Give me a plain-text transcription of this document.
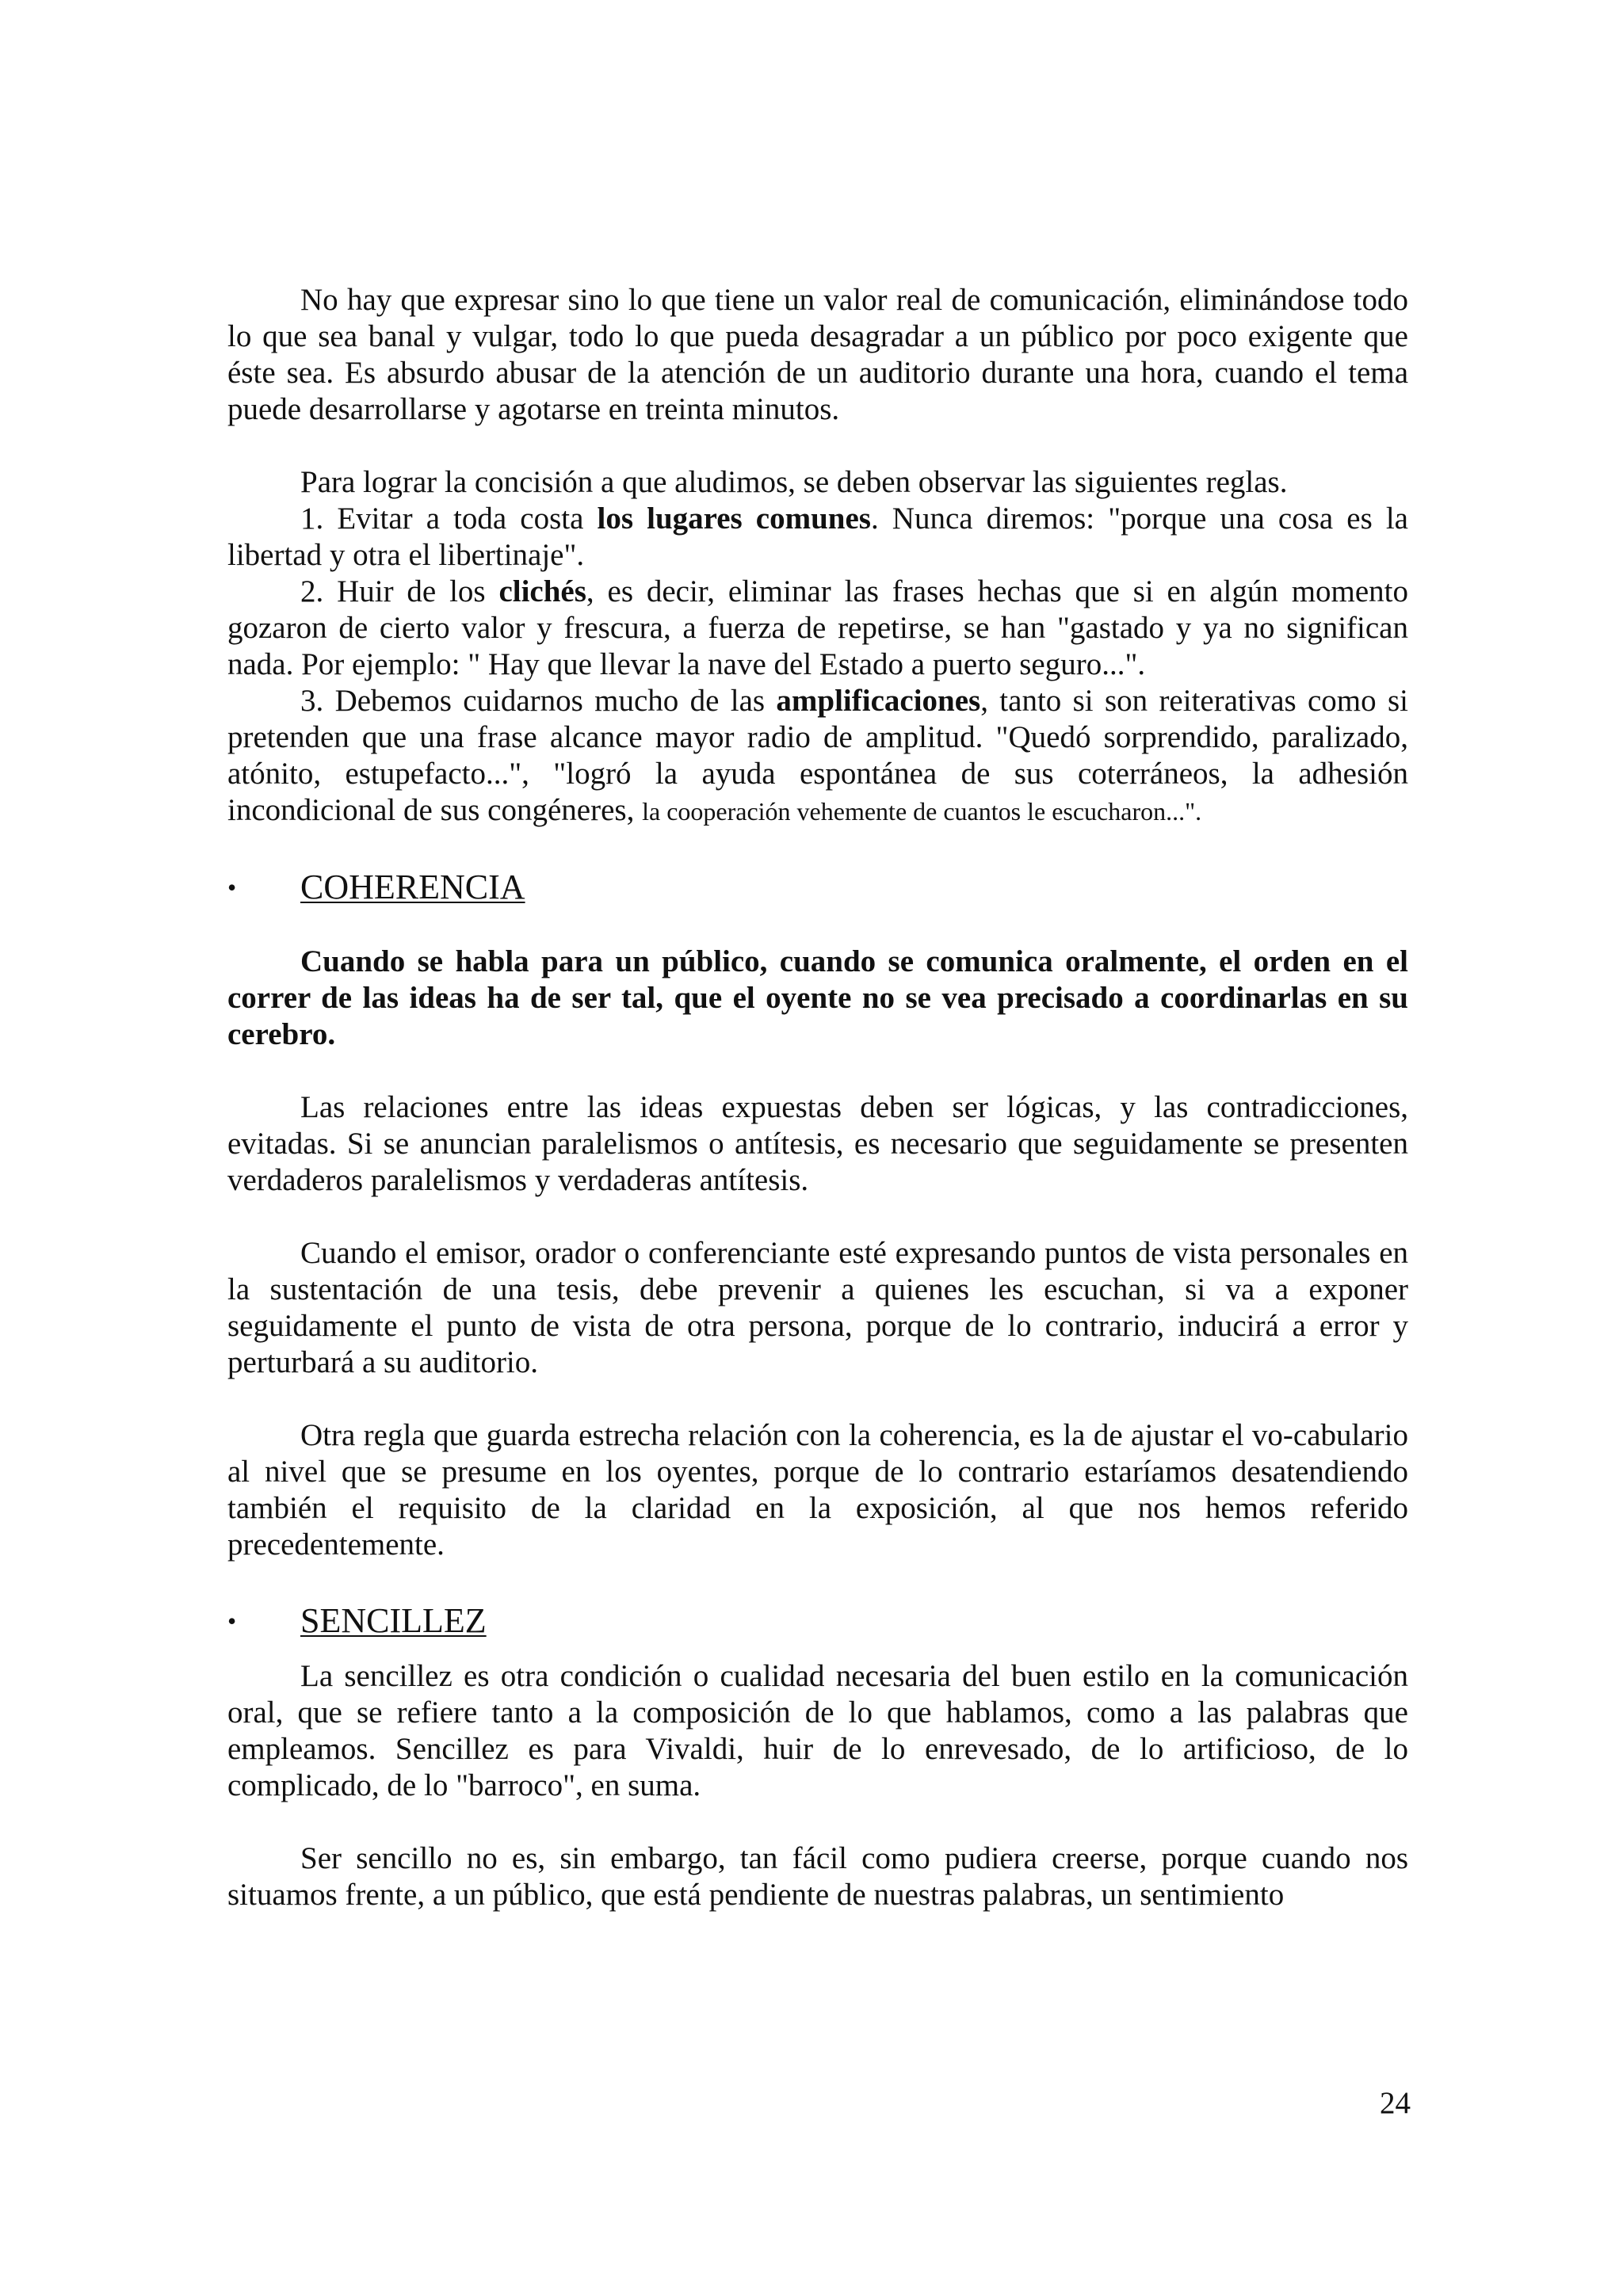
No hay que expresar sino lo que tiene un valor real de comunicación, eliminándose todo lo que sea banal y vulgar, todo lo que pueda desagradar a un público por poco exigente que éste sea. Es absurdo abusar de la atención de un auditorio durante una hora, cuando el tema puede desarrollarse y agotarse en treinta minutos.

Para lograr la concisión a que aludimos, se deben observar las siguientes reglas.

1. Evitar a toda costa los lugares comunes. Nunca diremos: "porque una cosa es la libertad y otra el libertinaje".

2. Huir de los clichés, es decir, eliminar las frases hechas que si en algún momento gozaron de cierto valor y frescura, a fuerza de repetirse, se han "gastado y ya no significan nada. Por ejemplo: " Hay que llevar la nave del Estado a puerto seguro...".

3. Debemos cuidarnos mucho de las amplificaciones, tanto si son reiterativas como si pretenden que una frase alcance mayor radio de amplitud. "Quedó sorprendido, paralizado, atónito, estupefacto...", "logró la ayuda espontánea de sus coterráneos, la adhesión incondicional de sus congéneres, la cooperación vehemente de cuantos le escucharon...".

• COHERENCIA

Cuando se habla para un público, cuando se comunica oralmente, el orden en el correr de las ideas ha de ser tal, que el oyente no se vea precisado a coordinarlas en su cerebro.

Las relaciones entre las ideas expuestas deben ser lógicas, y las contradicciones, evitadas. Si se anuncian paralelismos o antítesis, es necesario que seguidamente se presenten verdaderos paralelismos y verdaderas antítesis.

Cuando el emisor, orador o conferenciante esté expresando puntos de vista personales en la sustentación de una tesis, debe prevenir a quienes les escuchan, si va a exponer seguidamente el punto de vista de otra persona, porque de lo contrario, inducirá a error y perturbará a su auditorio.

Otra regla que guarda estrecha relación con la coherencia, es la de ajustar el vo-cabulario al nivel que se presume en los oyentes, porque de lo contrario estaríamos desatendiendo también el requisito de la claridad en la exposición, al que nos hemos referido precedentemente.

• SENCILLEZ

La sencillez es otra condición o cualidad necesaria del buen estilo en la comunicación oral, que se refiere tanto a la composición de lo que hablamos, como a las palabras que empleamos. Sencillez es para Vivaldi, huir de lo enrevesado, de lo artificioso, de lo complicado, de lo "barroco", en suma.

Ser sencillo no es, sin embargo, tan fácil como pudiera creerse, porque cuando nos situamos frente, a un público, que está pendiente de nuestras palabras, un sentimiento

24
